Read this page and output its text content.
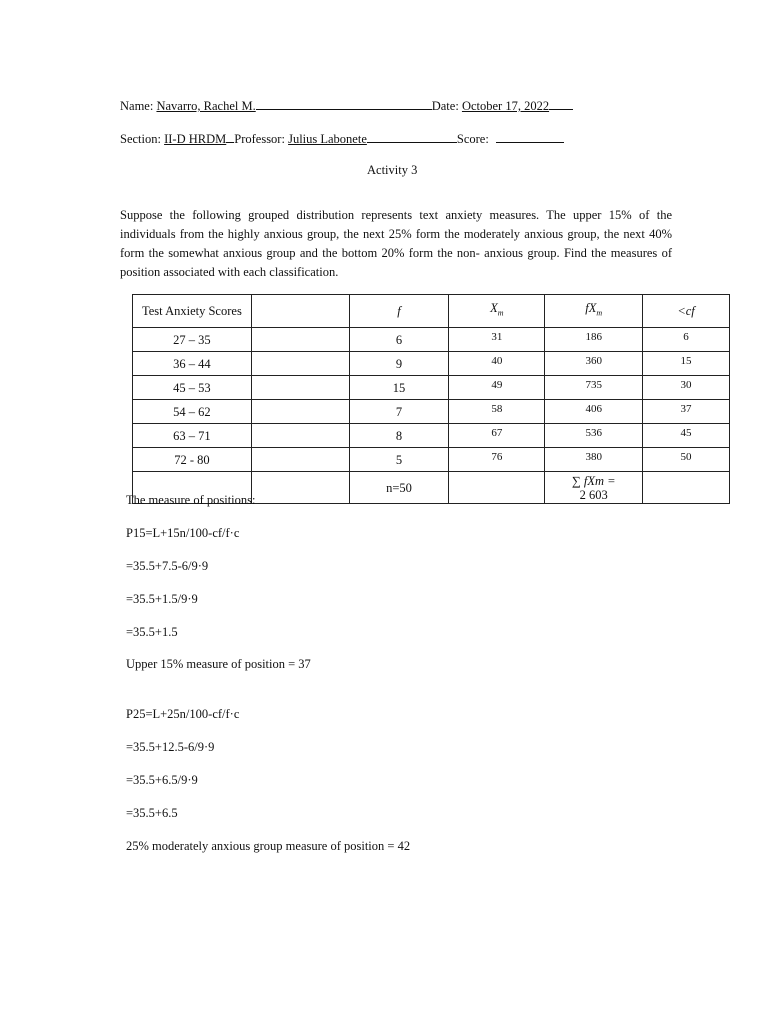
Name: Navarro, Rachel M.	Date: October 17, 2022
Section: II-D HRDM Professor: Julius Labonete	Score:
Activity 3
Suppose the following grouped distribution represents text anxiety measures. The upper 15% of the individuals from the highly anxious group, the next 25% form the moderately anxious group, the next 40% form the somewhat anxious group and the bottom 20% form the non- anxious group. Find the measures of position associated with each classification.
Test Anxiety Scores		f	$X_m$	$fX_m$	<cf
27 – 35		6	31	186	6
36 – 44		9	40	360	15
45 – 53		15	49	735	30
54 – 62		7	58	406	37
63 – 71		8	67	536	45
72 - 80		5	76	380	50
		n=50		∑ fXm =
2 603	
The measure of positions:
P15=L+15n/100-cf/f·c
=35.5+7.5-6/9·9
=35.5+1.5/9·9
=35.5+1.5
Upper 15% measure of position = 37
P25=L+25n/100-cf/f·c
=35.5+12.5-6/9·9
=35.5+6.5/9·9
=35.5+6.5
25% moderately anxious group measure of position = 42
